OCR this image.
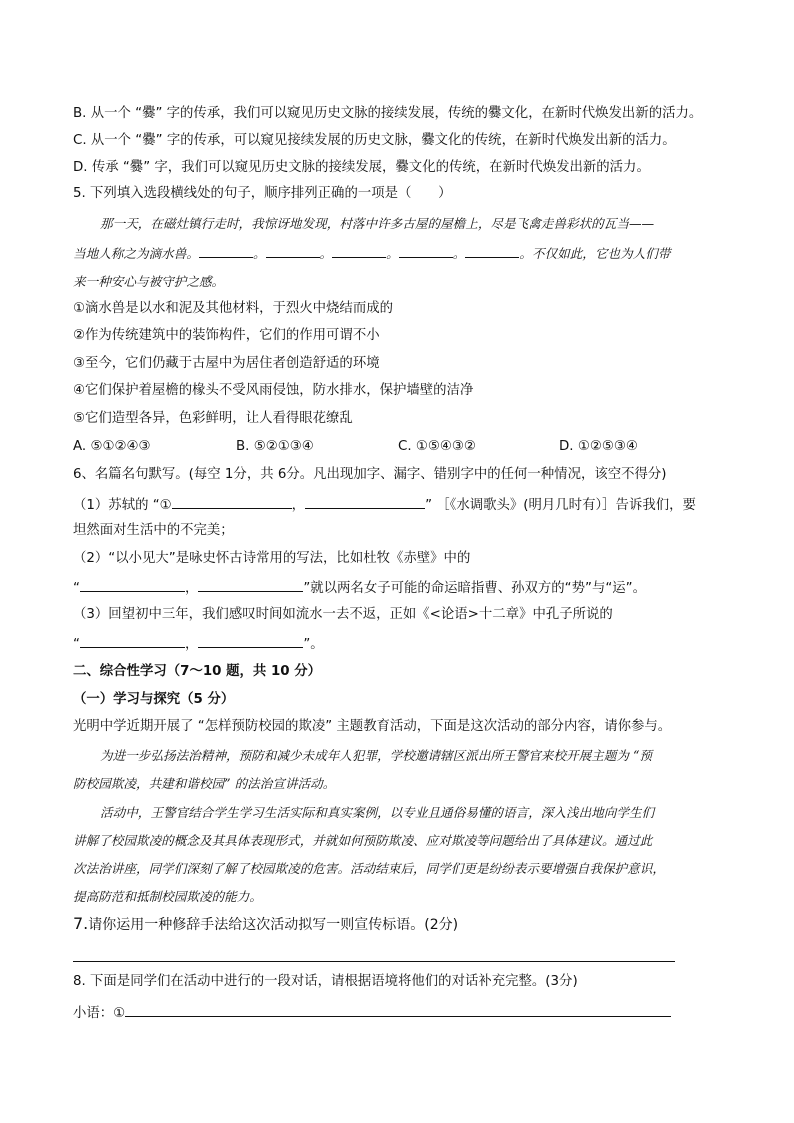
B. 从一个 “爨” 字的传承，我们可以窥见历史文脉的接续发展，传统的爨文化，在新时代焕发出新的活力。
C. 从一个 “爨” 字的传承，可以窥见接续发展的历史文脉，爨文化的传统，在新时代焕发出新的活力。
D. 传承 “爨” 字，我们可以窥见历史文脉的接续发展，爨文化的传统，在新时代焕发出新的活力。
5. 下列填入选段横线处的句子，顺序排列正确的一项是（　　）
那一天，在磁灶镇行走时，我惊讶地发现，村落中许多古屋的屋檐上，尽是飞禽走兽彩状的瓦当——
当地人称之为滴水兽。	。	。	。	。	。不仅如此，它也为人们带
来一种安心与被守护之感。
①滴水兽是以水和泥及其他材料，于烈火中烧结而成的
②作为传统建筑中的装饰构件，它们的作用可谓不小
③至今，它们仍藏于古屋中为居住者创造舒适的环境
④它们保护着屋檐的椽头不受风雨侵蚀，防水排水，保护墙壁的洁净
⑤它们造型各异，色彩鲜明，让人看得眼花缭乱
A. ⑤①②④③	B. ⑤②①③④	C. ①⑤④③②	D. ①②⑤③④
6、名篇名句默写。(每空 1分，共 6分。凡出现加字、漏字、错别字中的任何一种情况，该空不得分)
（1）苏轼的 “①	，	” ［《水调歌头》(明月几时有）］告诉我们，要
坦然面对生活中的不完美；
（2）“以小见大”是咏史怀古诗常用的写法，比如杜牧《赤壁》中的
“	，	”就以两名女子可能的命运暗指曹、孙双方的“势”与“运”。
（3）回望初中三年，我们感叹时间如流水一去不返，正如《<论语>十二章》中孔子所说的
“	，	”。
二、综合性学习（7～10 题，共 10 分）
（一）学习与探究（5 分）
光明中学近期开展了 “怎样预防校园的欺凌” 主题教育活动，下面是这次活动的部分内容，请你参与。
为进一步弘扬法治精神，预防和减少未成年人犯罪，学校邀请辖区派出所王警官来校开展主题为 “预
防校园欺凌，共建和谐校园” 的法治宣讲活动。
活动中，王警官结合学生学习生活实际和真实案例，以专业且通俗易懂的语言，深入浅出地向学生们
讲解了校园欺凌的概念及其具体表现形式，并就如何预防欺凌、应对欺凌等问题给出了具体建议。通过此
次法治讲座，同学们深刻了解了校园欺凌的危害。活动结束后，同学们更是纷纷表示要增强自我保护意识，
提高防范和抵制校园欺凌的能力。
7.请你运用一种修辞手法给这次活动拟写一则宣传标语。(2分)
8. 下面是同学们在活动中进行的一段对话，请根据语境将他们的对话补充完整。(3分)
小语：①
